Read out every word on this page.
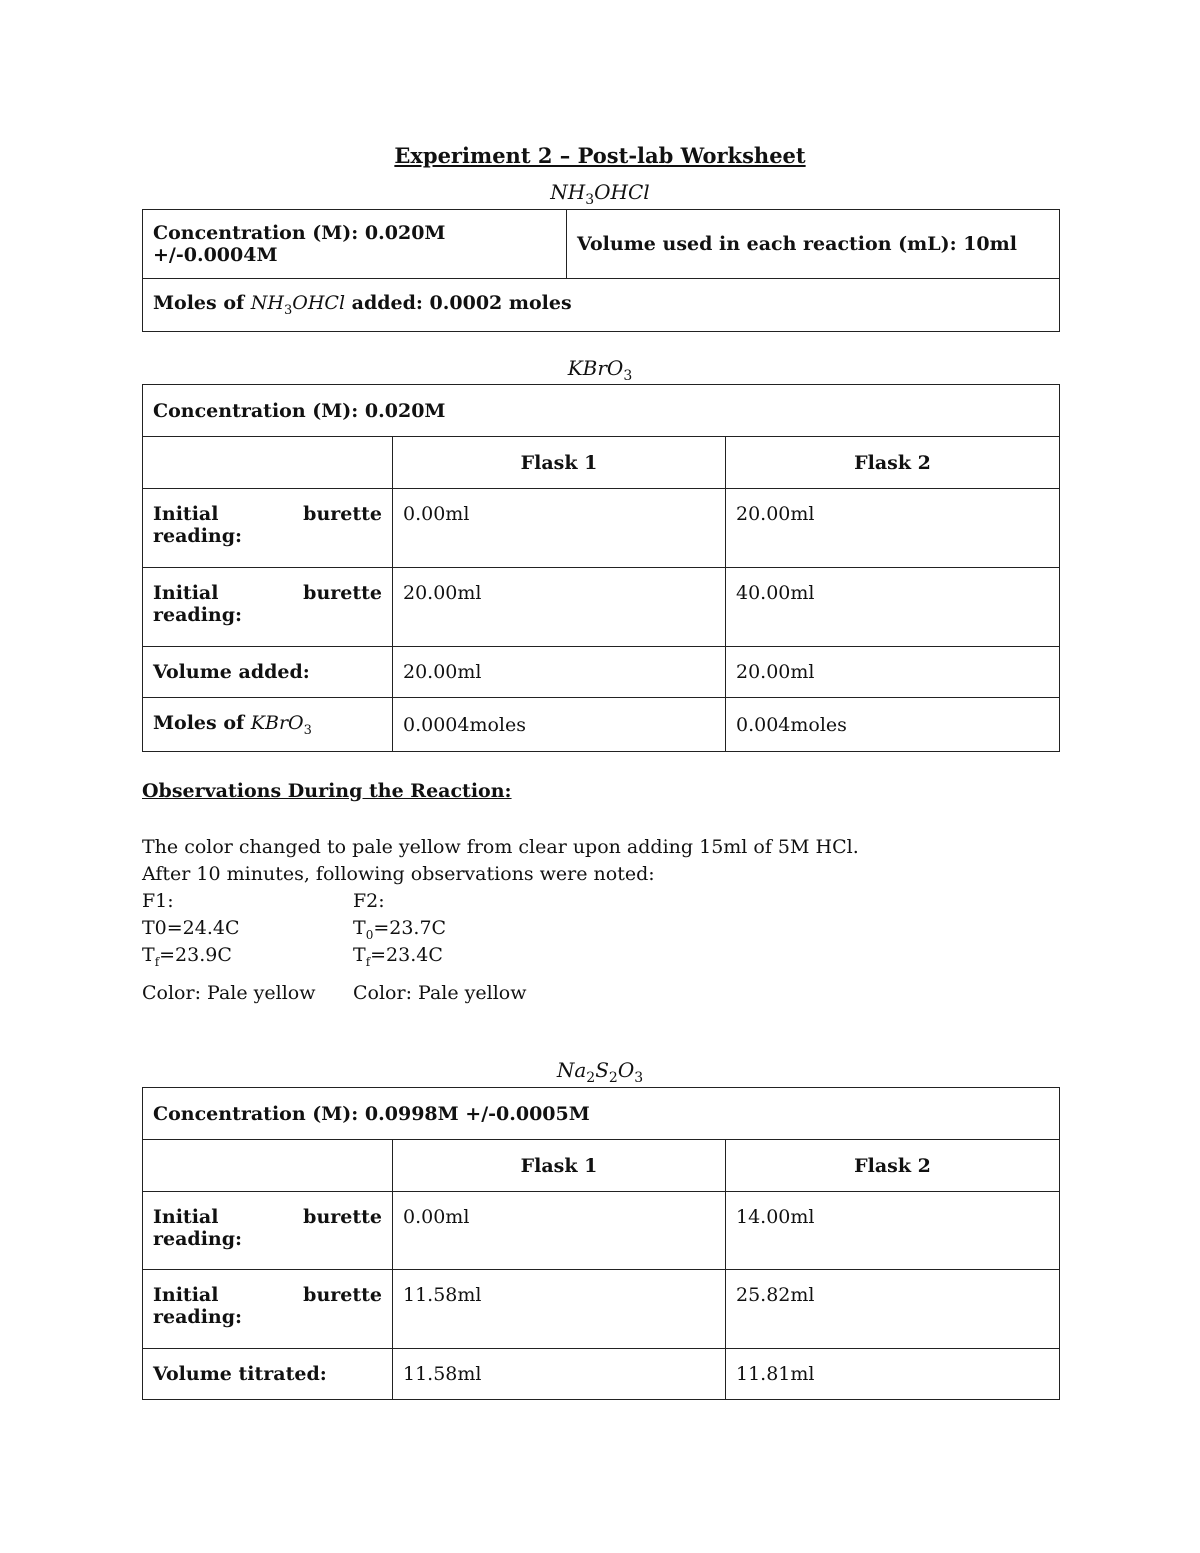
Experiment 2 – Post-lab Worksheet
$NH_3OHCl$
Concentration (M): 0.020M +/-0.0004M	Volume used in each reaction (mL): 10ml
Moles of $NH_3OHCl$ added: 0.0002 moles
KBrO$_3$
Concentration (M): 0.020M		
	Flask 1	Flask 2

Initial burette
reading:	0.00ml	20.00ml

Initial burette
reading:	20.00ml	40.00ml
Volume added:	20.00ml	20.00ml
Moles of KBrO$_3$	0.0004moles	0.004moles
Observations During the Reaction:
The color changed to pale yellow from clear upon adding 15ml of 5M HCl.
After 10 minutes, following observations were noted:
F1:
T0=24.4C
$T_f=23.9C$
Color: Pale yellow
F2:
$T_0=23.7C$
$T_f=23.4C$
Color: Pale yellow
$Na_2S_2O_3$
Concentration (M): 0.0998M +/-0.0005M		
	Flask 1	Flask 2

Initial burette
reading:	0.00ml	14.00ml

Initial burette
reading:	11.58ml	25.82ml
Volume titrated:	11.58ml	11.81ml
